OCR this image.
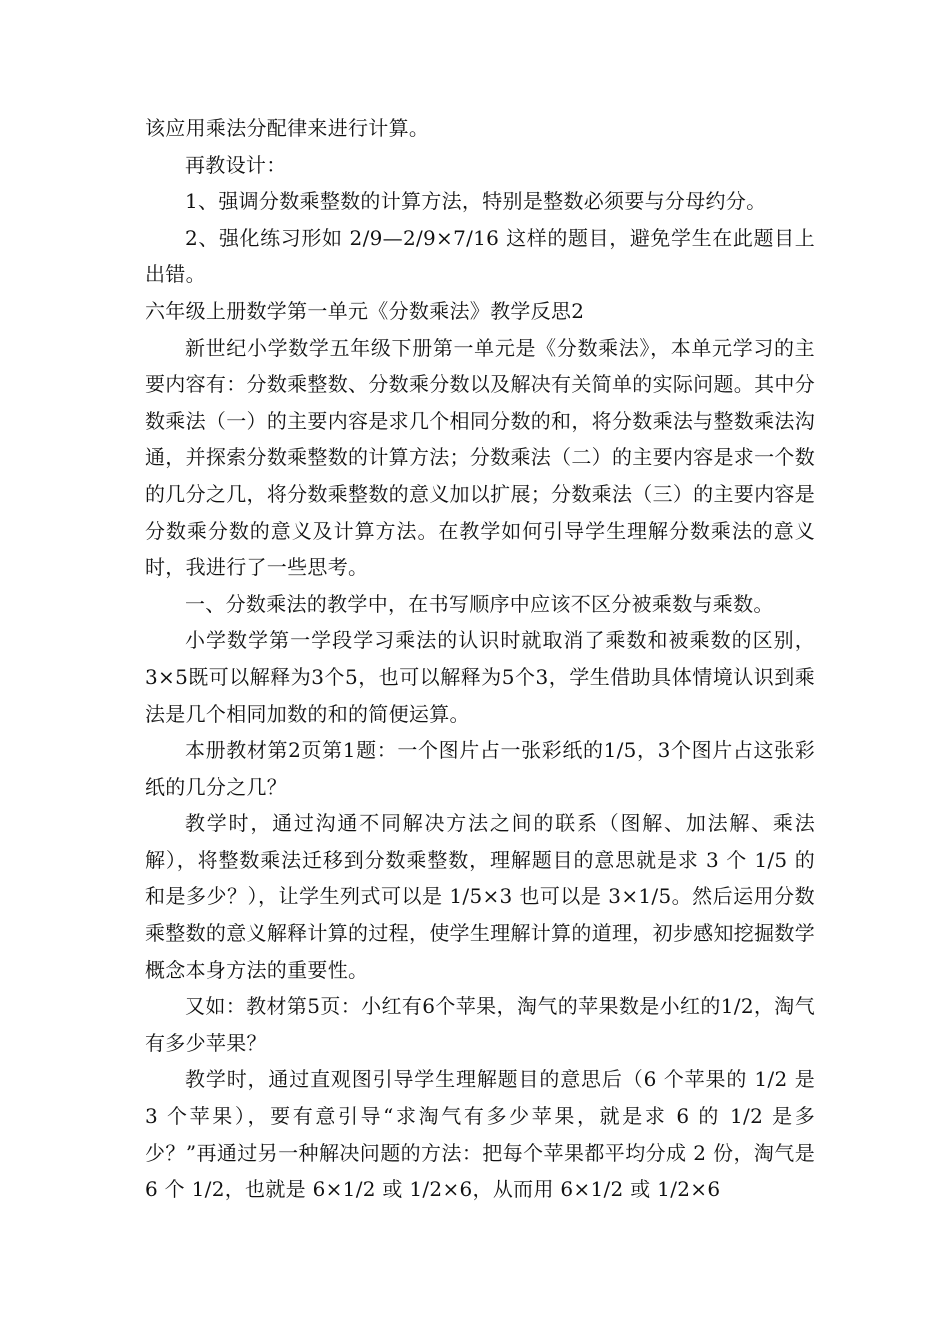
该应用乘法分配律来进行计算。

再教设计：

1、强调分数乘整数的计算方法，特别是整数必须要与分母约分。

2、强化练习形如 2/9—2/9×7/16 这样的题目，避免学生在此题目上出错。

六年级上册数学第一单元《分数乘法》教学反思2

新世纪小学数学五年级下册第一单元是《分数乘法》，本单元学习的主要内容有：分数乘整数、分数乘分数以及解决有关简单的实际问题。其中分数乘法（一）的主要内容是求几个相同分数的和，将分数乘法与整数乘法沟通，并探索分数乘整数的计算方法；分数乘法（二）的主要内容是求一个数的几分之几，将分数乘整数的意义加以扩展；分数乘法（三）的主要内容是分数乘分数的意义及计算方法。在教学如何引导学生理解分数乘法的意义时，我进行了一些思考。

一、分数乘法的教学中，在书写顺序中应该不区分被乘数与乘数。

小学数学第一学段学习乘法的认识时就取消了乘数和被乘数的区别，3×5既可以解释为3个5，也可以解释为5个3，学生借助具体情境认识到乘法是几个相同加数的和的简便运算。

本册教材第2页第1题：一个图片占一张彩纸的1/5，3个图片占这张彩纸的几分之几？

教学时，通过沟通不同解决方法之间的联系（图解、加法解、乘法解），将整数乘法迁移到分数乘整数，理解题目的意思就是求 3 个 1/5 的和是多少？），让学生列式可以是 1/5×3 也可以是 3×1/5。然后运用分数乘整数的意义解释计算的过程，使学生理解计算的道理，初步感知挖掘数学概念本身方法的重要性。

又如：教材第5页：小红有6个苹果，淘气的苹果数是小红的1/2，淘气有多少苹果？

教学时，通过直观图引导学生理解题目的意思后（6 个苹果的 1/2 是 3 个苹果），要有意引导“求淘气有多少苹果，就是求 6 的 1/2 是多少？”再通过另一种解决问题的方法：把每个苹果都平均分成 2 份，淘气是 6 个 1/2，也就是 6×1/2 或 1/2×6，从而用 6×1/2 或 1/2×6
